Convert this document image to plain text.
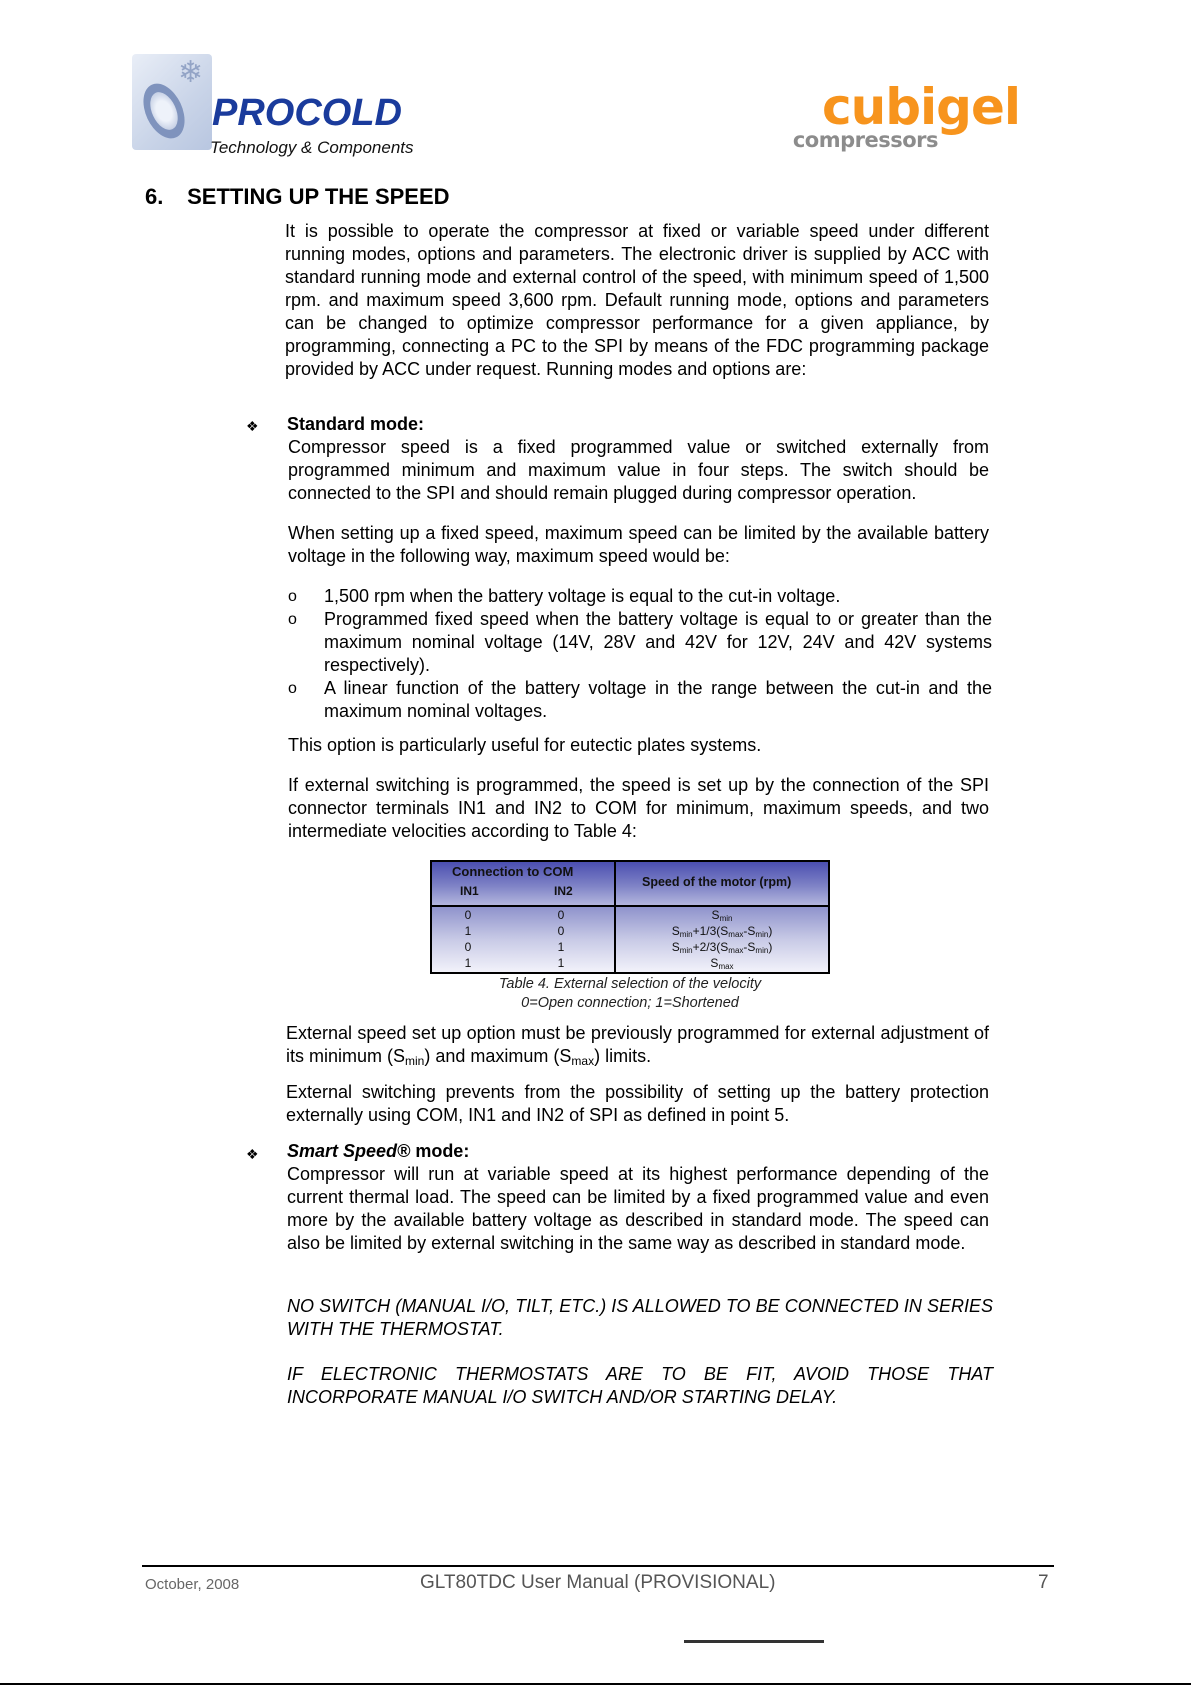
❄
PROCOLD
Technology & Components
cubigel
compressors
6. SETTING UP THE SPEED
It is possible to operate the compressor at fixed or variable speed under different running modes, options and parameters. The electronic driver is supplied by ACC with standard running mode and external control of the speed, with minimum speed of 1,500 rpm. and maximum speed 3,600 rpm. Default running mode, options and parameters can be changed to optimize compressor performance for a given appliance, by programming, connecting a PC to the SPI by means of the FDC programming package provided by ACC under request. Running modes and options are:
❖ Standard mode:
Compressor speed is a fixed programmed value or switched externally from programmed minimum and maximum value in four steps. The switch should be connected to the SPI and should remain plugged during compressor operation.
When setting up a fixed speed, maximum speed can be limited by the available battery voltage in the following way, maximum speed would be:
o 1,500 rpm when the battery voltage is equal to the cut-in voltage.
o Programmed fixed speed when the battery voltage is equal to or greater than the maximum nominal voltage (14V, 28V and 42V for 12V, 24V and 42V systems respectively).
o A linear function of the battery voltage in the range between the cut-in and the maximum nominal voltages.
This option is particularly useful for eutectic plates systems.
If external switching is programmed, the speed is set up by the connection of the SPI connector terminals IN1 and IN2 to COM for minimum, maximum speeds, and two intermediate velocities according to Table 4:
Connection to COM
IN1	IN2
Speed of the motor (rpm)
0	0	$S_{min}$
1	0	$S_{min}+1/3(S_{max}-S_{min})$
0	1	$S_{min}+2/3(S_{max}-S_{min})$
1	1	$S_{max}$
Table 4. External selection of the velocity
0=Open connection; 1=Shortened
External speed set up option must be previously programmed for external adjustment of its minimum $(S_{min})$ and maximum $(S_{max})$ limits.
External switching prevents from the possibility of setting up the battery protection externally using COM, IN1 and IN2 of SPI as defined in point 5.
❖ Smart Speed® mode:
Compressor will run at variable speed at its highest performance depending of the current thermal load. The speed can be limited by a fixed programmed value and even more by the available battery voltage as described in standard mode. The speed can also be limited by external switching in the same way as described in standard mode.
NO SWITCH (MANUAL I/O, TILT, ETC.) IS ALLOWED TO BE CONNECTED IN SERIES WITH THE THERMOSTAT.
IF ELECTRONIC THERMOSTATS ARE TO BE FIT, AVOID THOSE THAT INCORPORATE MANUAL I/O SWITCH AND/OR STARTING DELAY.
October, 2008	GLT80TDC User Manual (PROVISIONAL)	7
